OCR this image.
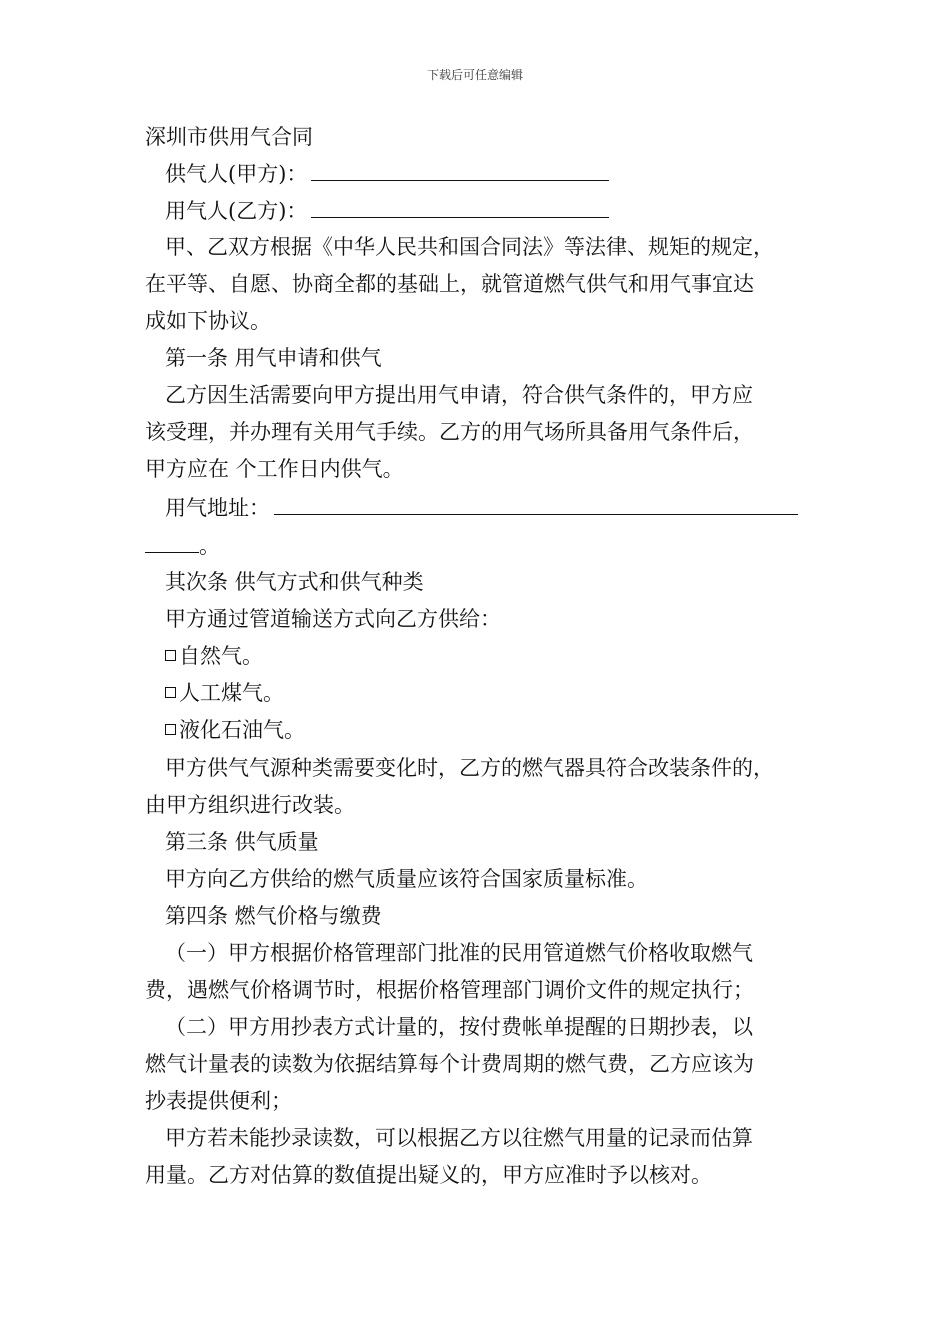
下载后可任意编辑
深圳市供用气合同
供气人(甲方)：
用气人(乙方)：
甲、乙双方根据《中华人民共和国合同法》等法律、规矩的规定，
在平等、自愿、协商全都的基础上，就管道燃气供气和用气事宜达
成如下协议。
第一条 用气申请和供气
乙方因生活需要向甲方提出用气申请，符合供气条件的，甲方应
该受理，并办理有关用气手续。乙方的用气场所具备用气条件后，
甲方应在 个工作日内供气。
用气地址：
。
其次条 供气方式和供气种类
甲方通过管道输送方式向乙方供给：
自然气。
人工煤气。
液化石油气。
甲方供气气源种类需要变化时，乙方的燃气器具符合改装条件的，
由甲方组织进行改装。
第三条 供气质量
甲方向乙方供给的燃气质量应该符合国家质量标准。
第四条 燃气价格与缴费
（一）甲方根据价格管理部门批准的民用管道燃气价格收取燃气
费，遇燃气价格调节时，根据价格管理部门调价文件的规定执行；
（二）甲方用抄表方式计量的，按付费帐单提醒的日期抄表，以
燃气计量表的读数为依据结算每个计费周期的燃气费，乙方应该为
抄表提供便利；
甲方若未能抄录读数，可以根据乙方以往燃气用量的记录而估算
用量。乙方对估算的数值提出疑义的，甲方应准时予以核对。
